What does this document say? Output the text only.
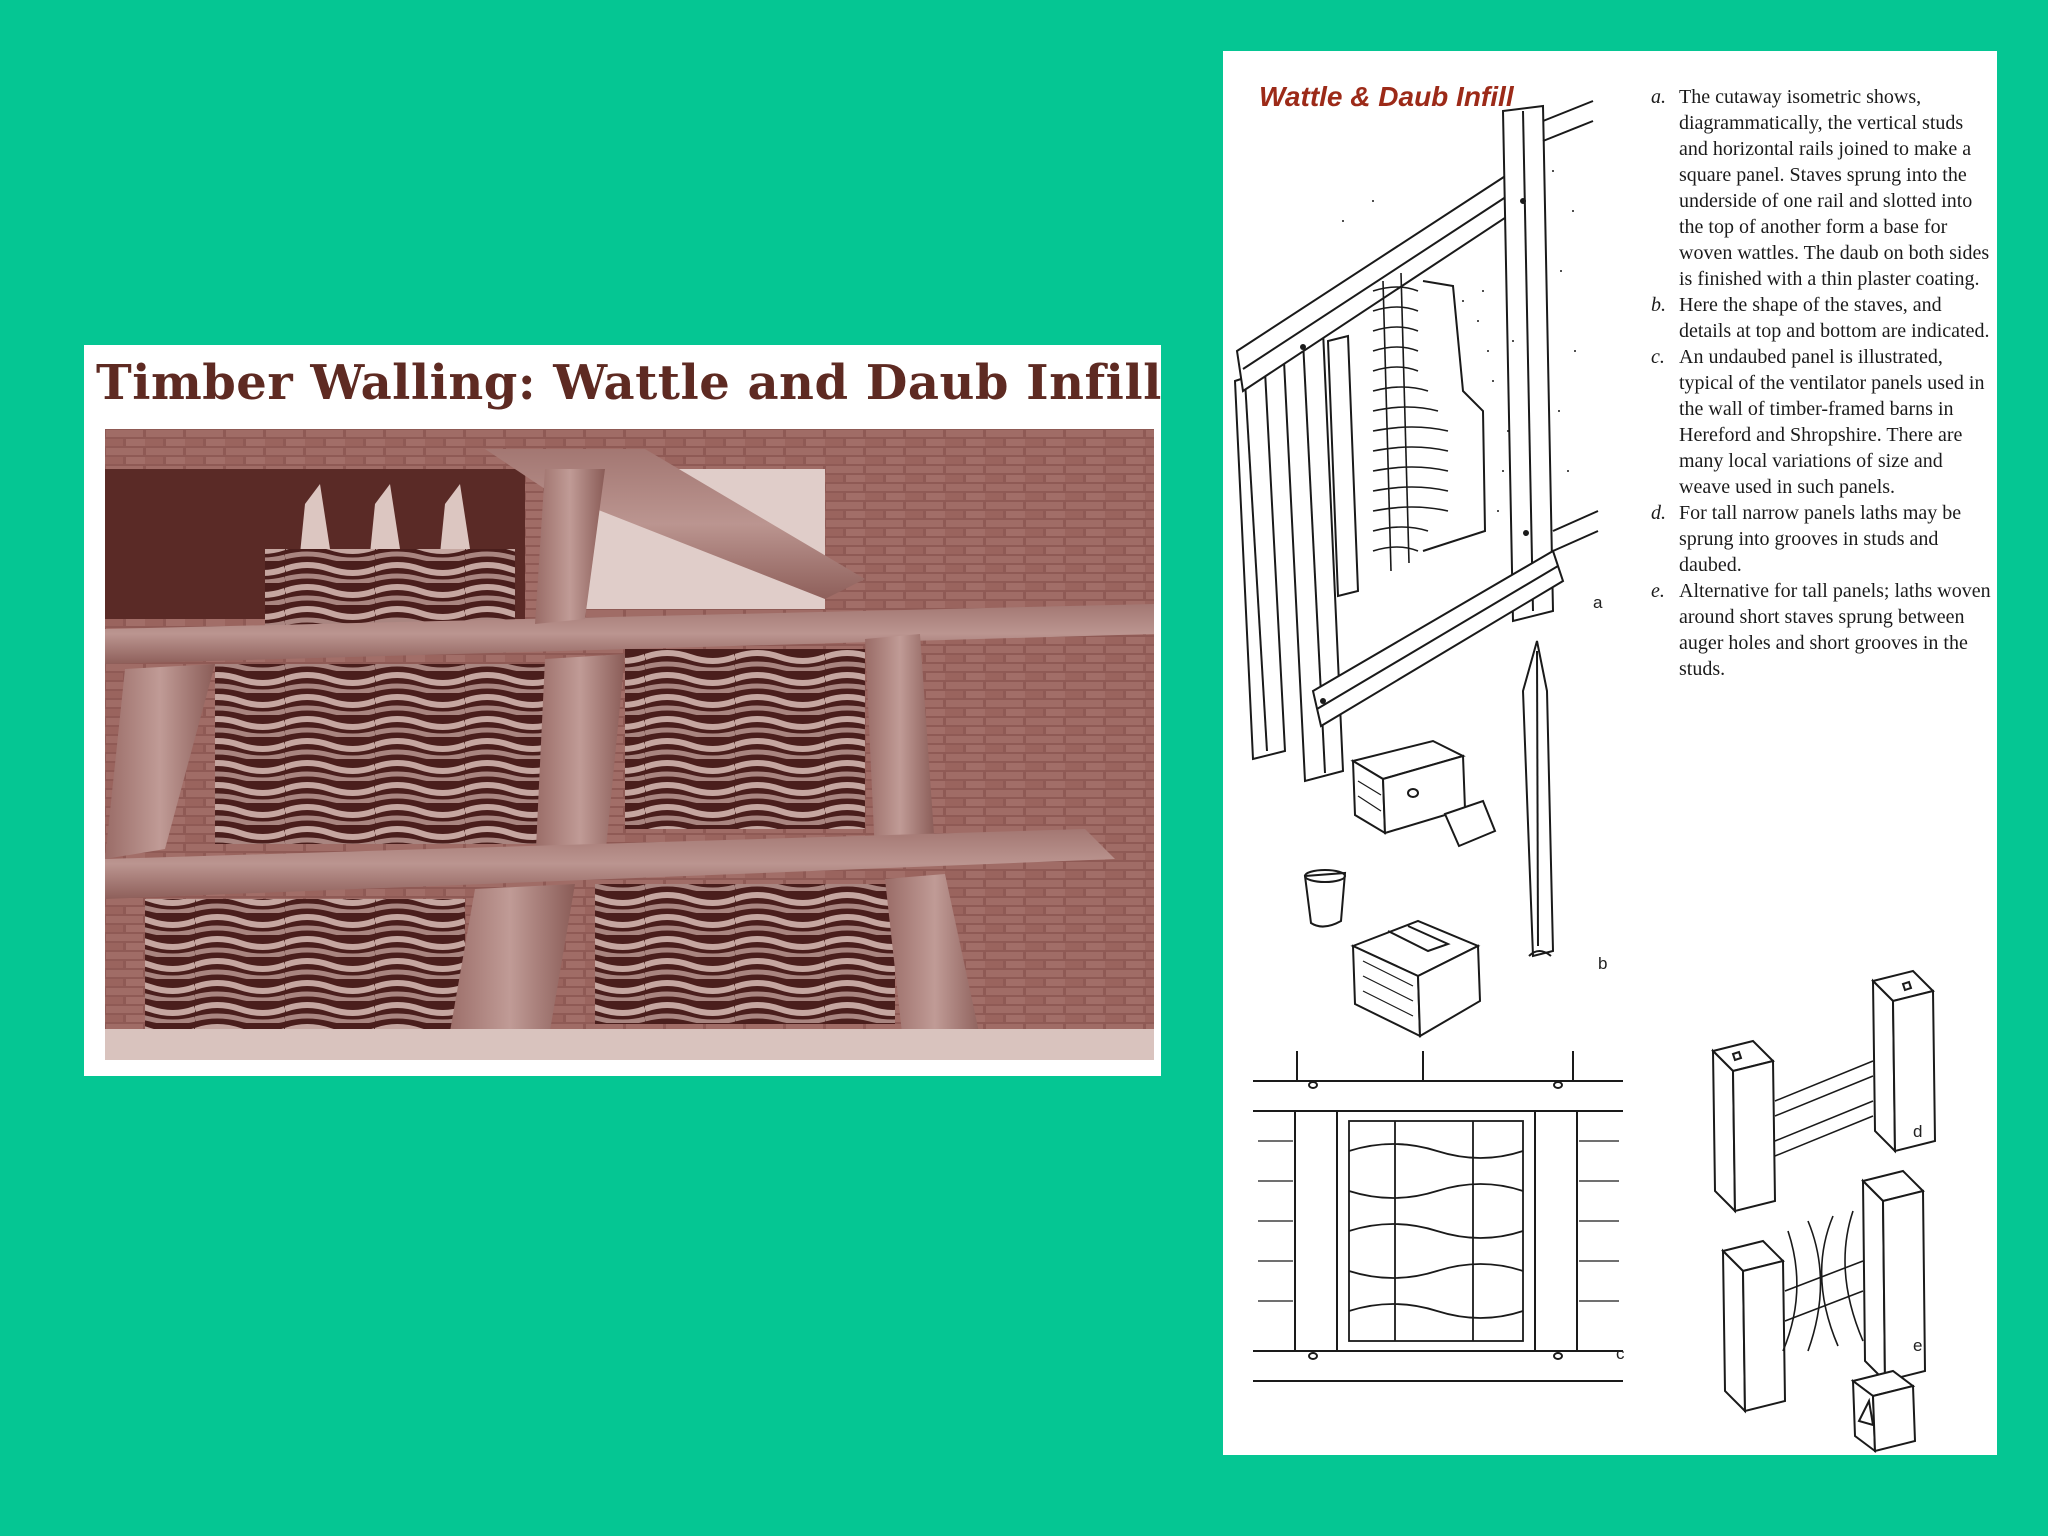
Timber Walling: Wattle and Daub Infill
Wattle & Daub Infill
a
b
c
d
e
a. The cutaway isometric shows, diagrammatically, the vertical studs and horizontal rails joined to make a square panel. Staves sprung into the underside of one rail and slotted into the top of another form a base for woven wattles. The daub on both sides is finished with a thin plaster coating.
b. Here the shape of the staves, and details at top and bottom are indicated.
c. An undaubed panel is illustrated, typical of the ventilator panels used in the wall of timber-framed barns in Hereford and Shropshire. There are many local variations of size and weave used in such panels.
d. For tall narrow panels laths may be sprung into grooves in studs and daubed.
e. Alternative for tall panels; laths woven around short staves sprung between auger holes and short grooves in the studs.
